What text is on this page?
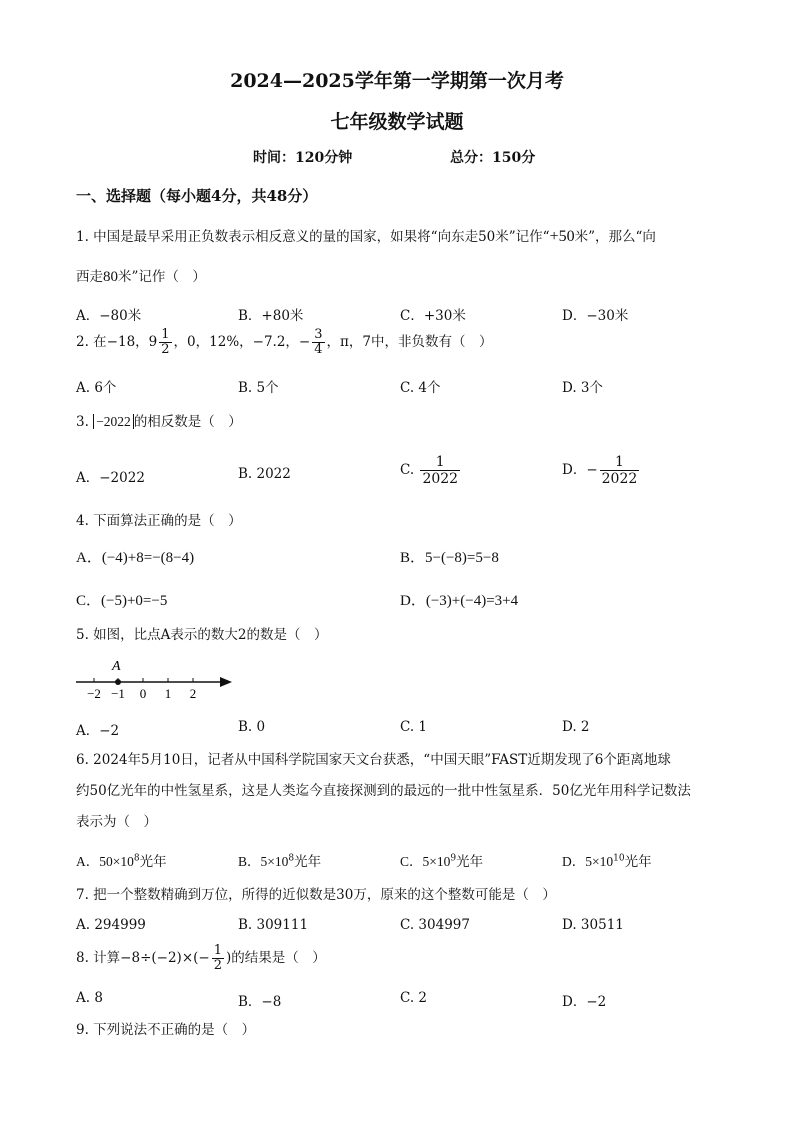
2024—2025学年第一学期第一次月考
七年级数学试题
时间：120分钟	总分：150分
一、选择题（每小题4分，共48分）
1. 中国是最早采用正负数表示相反意义的量的国家，如果将“向东走50米”记作“+50米”，那么“向
西走80米”记作（　）
A．−80米	B．+80米	C．+30米	D．−30米
2. 在−18，$9 \frac{1}{2}$ ，0，12%，−7.2，− $\frac{3}{4}$ ，π，7中，非负数有（　）
A. 6个	B. 5个	C. 4个	D. 3个
3. −2022 的相反数是（　）
A．−2022	B. 2022	C. $\frac{1}{2022}$	D．− $\frac{1}{2022}$
4. 下面算法正确的是（　）
A．(−4)+8=−(8−4)	B．5−(−8)=5−8
C．(−5)+0=−5	D．(−3)+(−4)=3+4
5. 如图，比点A表示的数大2的数是（　）
A
−2 −1 0 1 2
A．−2	B. 0	C. 1	D. 2
6. 2024年5月10日，记者从中国科学院国家天文台获悉，“中国天眼”FAST近期发现了6个距离地球
约50亿光年的中性氢星系，这是人类迄今直接探测到的最远的一批中性氢星系．50亿光年用科学记数法
表示为（　）
A．$50\times 10^8$光年	B．$5\times 10^8$光年	C．$5\times 10^9$光年	D．$5\times 10^{10}$光年
7. 把一个整数精确到万位，所得的近似数是30万，原来的这个整数可能是（　）
A. 294999	B. 309111	C. 304997	D. 30511
8. 计算$-8\div(-2)\times(- \frac{1}{2}$ )的结果是（　）
A. 8	B．−8	C. 2	D．−2
9. 下列说法不正确的是（　）
